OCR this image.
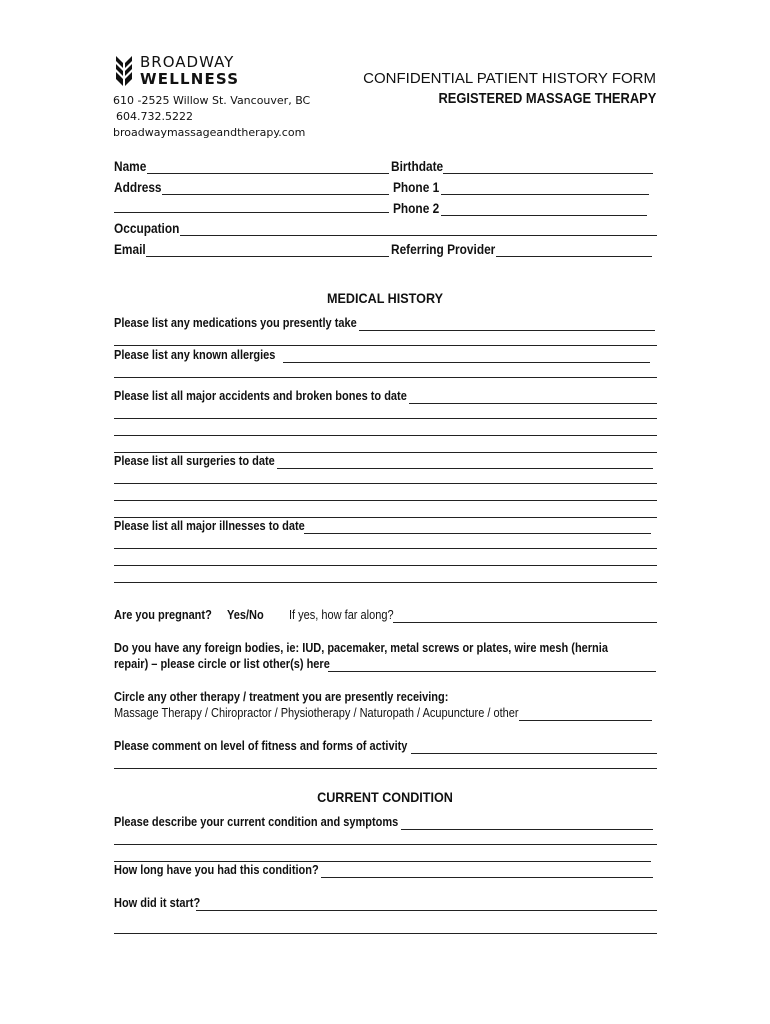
BROADWAY
WELLNESS
610 -2525 Willow St. Vancouver, BC
604.732.5222
broadwaymassageandtherapy.com
CONFIDENTIAL PATIENT HISTORY FORM
REGISTERED MASSAGE THERAPY
Name	Birthdate
Address	Phone 1
Phone 2
Occupation
Email	Referring Provider
MEDICAL HISTORY
Please list any medications you presently take
Please list any known allergies
Please list all major accidents and broken bones to date
Please list all surgeries to date
Please list all major illnesses to date
Are you pregnant? Yes/No If yes, how far along?
Do you have any foreign bodies, ie: IUD, pacemaker, metal screws or plates, wire mesh (hernia
repair) – please circle or list other(s) here
Circle any other therapy / treatment you are presently receiving:
Massage Therapy / Chiropractor / Physiotherapy / Naturopath / Acupuncture / other
Please comment on level of fitness and forms of activity
CURRENT CONDITION
Please describe your current condition and symptoms
How long have you had this condition?
How did it start?
